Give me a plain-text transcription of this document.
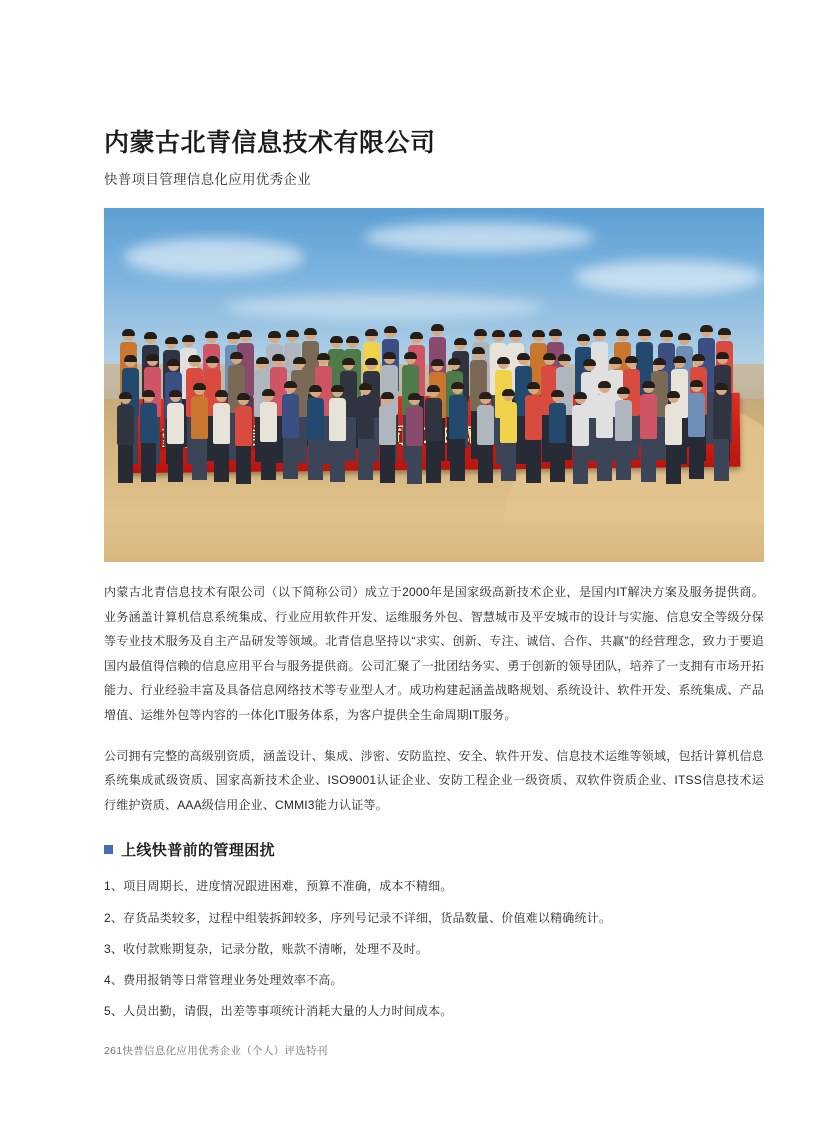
内蒙古北青信息技术有限公司
快普项目管理信息化应用优秀企业

内蒙古北青信息技术有限公司（以下简称公司）成立于2000年是国家级高新技术企业，是国内IT解决方案及服务提供商。业务涵盖计算机信息系统集成、行业应用软件开发、运维服务外包、智慧城市及平安城市的设计与实施、信息安全等级分保等专业技术服务及自主产品研发等领域。北青信息坚持以“求实、创新、专注、诚信、合作、共赢”的经营理念，致力于要追国内最值得信赖的信息应用平台与服务提供商。公司汇聚了一批团结务实、勇于创新的领导团队，培养了一支拥有市场开拓能力、行业经验丰富及具备信息网络技术等专业型人才。成功构建起涵盖战略规划、系统设计、软件开发、系统集成、产品增值、运维外包等内容的一体化IT服务体系，为客户提供全生命周期IT服务。

公司拥有完整的高级别资质，涵盖设计、集成、涉密、安防监控、安全、软件开发、信息技术运维等领域，包括计算机信息系统集成贰级资质、国家高新技术企业、ISO9001认证企业、安防工程企业一级资质、双软件资质企业、ITSS信息技术运行维护资质、AAA级信用企业、CMMI3能力认证等。

上线快普前的管理困扰
1、项目周期长，进度情况跟进困难，预算不准确，成本不精细。
2、存货品类较多，过程中组装拆卸较多，序列号记录不详细，货品数量、价值难以精确统计。
3、收付款账期复杂，记录分散，账款不清晰，处理不及时。
4、费用报销等日常管理业务处理效率不高。
5、人员出勤，请假，出差等事项统计消耗大量的人力时间成本。
261快普信息化应用优秀企业（个人）评选特刊
